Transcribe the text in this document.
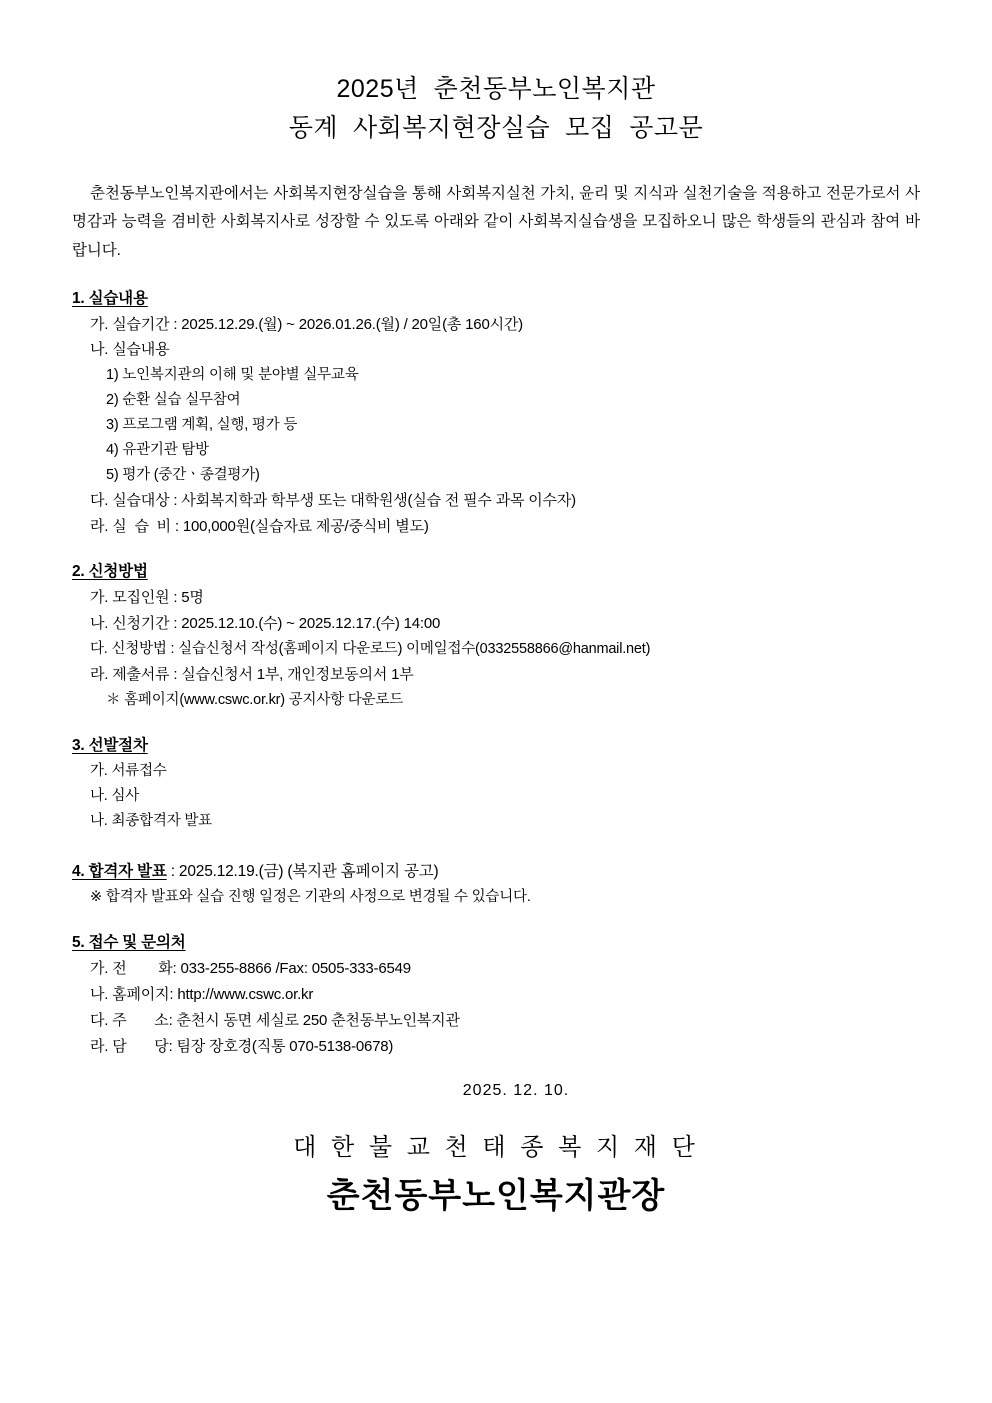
2025년  춘천동부노인복지관
동계  사회복지현장실습  모집  공고문

춘천동부노인복지관에서는 사회복지현장실습을 통해 사회복지실천 가치, 윤리 및 지식과 실천기술을 적용하고 전문가로서 사명감과 능력을 겸비한 사회복지사로 성장할 수 있도록 아래와 같이 사회복지실습생을 모집하오니 많은 학생들의 관심과 참여 바랍니다.

1. 실습내용
가. 실습기간 : 2025.12.29.(월) ~ 2026.01.26.(월) / 20일(총 160시간)
나. 실습내용
1) 노인복지관의 이해 및 분야별 실무교육
2) 순환 실습 실무참여
3) 프로그램 계획, 실행, 평가 등
4) 유관기관 탐방
5) 평가 (중간ㆍ종결평가)
다. 실습대상 : 사회복지학과 학부생 또는 대학원생(실습 전 필수 과목 이수자)
라. 실  습  비 : 100,000원(실습자료 제공/중식비 별도)
2. 신청방법
가. 모집인원 : 5명
나. 신청기간 : 2025.12.10.(수) ~ 2025.12.17.(수) 14:00
다. 신청방법 : 실습신청서 작성(홈페이지 다운로드) 이메일접수(0332558866@hanmail.net)
라. 제출서류 : 실습신청서 1부, 개인정보동의서 1부
＊ 홈페이지(www.cswc.or.kr) 공지사항 다운로드
3. 선발절차
가. 서류접수
나. 심사
나. 최종합격자 발표
4. 합격자 발표 : 2025.12.19.(금) (복지관 홈페이지 공고)
※ 합격자 발표와 실습 진행 일정은 기관의 사정으로 변경될 수 있습니다.
5. 접수 및 문의처
가. 전        화: 033-255-8866 /Fax: 0505-333-6549
나. 홈페이지: http://www.cswc.or.kr
다. 주       소: 춘천시 동면 세실로 250 춘천동부노인복지관
라. 담       당: 팀장 장호경(직통 070-5138-0678)
2025. 12. 10.
대 한 불 교 천 태 종 복 지 재 단
춘천동부노인복지관장
